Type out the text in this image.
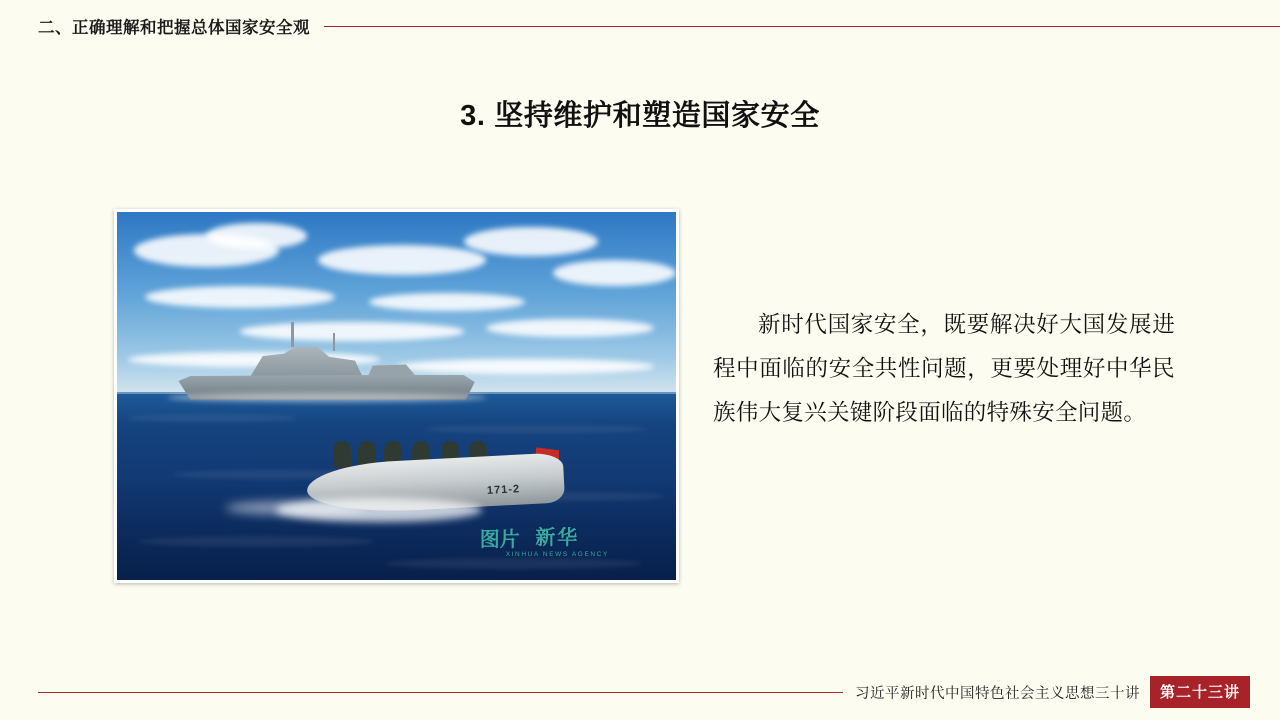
二、正确理解和把握总体国家安全观
3. 坚持维护和塑造国家安全
171-2
图片 新华
XINHUA NEWS AGENCY
新时代国家安全，既要解决好大国发展进程中面临的安全共性问题，更要处理好中华民族伟大复兴关键阶段面临的特殊安全问题。
习近平新时代中国特色社会主义思想三十讲	第二十三讲
